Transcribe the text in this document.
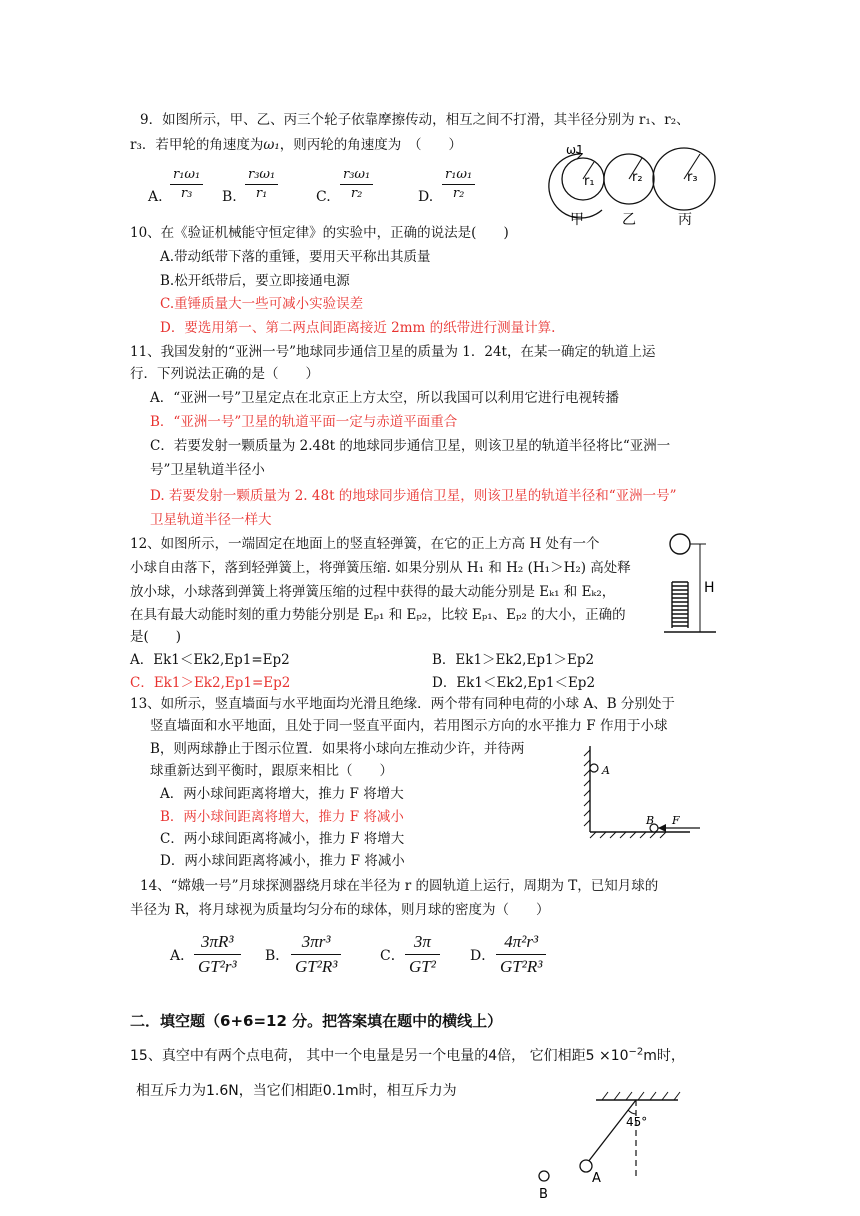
9．如图所示，甲、乙、丙三个轮子依靠摩擦传动，相互之间不打滑，其半径分别为 r₁、r₂、
r₃．若甲轮的角速度为ω₁，则丙轮的角速度为　（　　）
A. $\frac{\text{r₁ω₁}}{\text{r₃}} B$. $\frac{\text{r₃ω₁}}{\text{r₁}}$	C. $\frac{\text{r₃ω₁}}{\text{r₂}}$	D. $\frac{\text{r₁ω₁}}{\text{r₂}}$
ω1
r₁	r₂	r₃
甲	乙	丙
10、在《验证机械能守恒定律》的实验中，正确的说法是(　　)
A.带动纸带下落的重锤，要用天平称出其质量
B.松开纸带后，要立即接通电源
C.重锤质量大一些可减小实验误差
D．要选用第一、第二两点间距离接近 2mm 的纸带进行测量计算.
11、我国发射的“亚洲一号”地球同步通信卫星的质量为 1．24t，在某一确定的轨道上运
行．下列说法正确的是（　　）
A．“亚洲一号”卫星定点在北京正上方太空，所以我国可以利用它进行电视转播
B．“亚洲一号”卫星的轨道平面一定与赤道平面重合
C．若要发射一颗质量为 2.48t 的地球同步通信卫星，则该卫星的轨道半径将比“亚洲一
号”卫星轨道半径小
D. 若要发射一颗质量为 2. 48t 的地球同步通信卫星，则该卫星的轨道半径和“亚洲一号”
卫星轨道半径一样大
12、如图所示，一端固定在地面上的竖直轻弹簧，在它的正上方高 H 处有一个
小球自由落下，落到轻弹簧上，将弹簧压缩. 如果分别从 H₁ 和 H₂ (H₁＞H₂) 高处释
放小球，小球落到弹簧上将弹簧压缩的过程中获得的最大动能分别是 Eₖ₁ 和 Eₖ₂，
在具有最大动能时刻的重力势能分别是 Eₚ₁ 和 Eₚ₂，比较 Eₚ₁、Eₚ₂ 的大小，正确的
是(　　)
A．Ek1＜Ek2,Ep1=Ep2	B．Ek1＞Ek2,Ep1＞Ep2
C．Ek1＞Ek2,Ep1=Ep2	D．Ek1＜Ek2,Ep1＜Ep2
H
13、如所示，竖直墙面与水平地面均光滑且绝缘．两个带有同种电荷的小球 A、B 分别处于
竖直墙面和水平地面，且处于同一竖直平面内，若用图示方向的水平推力 F 作用于小球
B，则两球静止于图示位置．如果将小球向左推动少许，并待两
球重新达到平衡时，跟原来相比（　　）
A．两小球间距离将增大，推力 F 将增大
B．两小球间距离将增大，推力 F 将减小
C．两小球间距离将减小，推力 F 将增大
D．两小球间距离将减小，推力 F 将减小
A
B F
14、“嫦娥一号”月球探测器绕月球在半径为 r 的圆轨道上运行，周期为 T，已知月球的
半径为 R，将月球视为质量均匀分布的球体，则月球的密度为（　　）
A． $\frac{\text{3πR³}}{\text{GT²r³}}$ B． $\frac{\text{3πr³}}{\text{GT²R³}}$	C． $\frac{3\pi}{\text{GT²}}$ D． $\frac{\text{4π²r³}}{\text{GT²R³}}$
二．填空题（6+6=12 分。把答案填在题中的横线上）
15、真空中有两个点电荷， 其中一个电量是另一个电量的4倍， 它们相距$5 \times 10^{-2}m$时，
相互斥力为1.6N，当它们相距0.1m时，相互斥力为
45°
A
B
